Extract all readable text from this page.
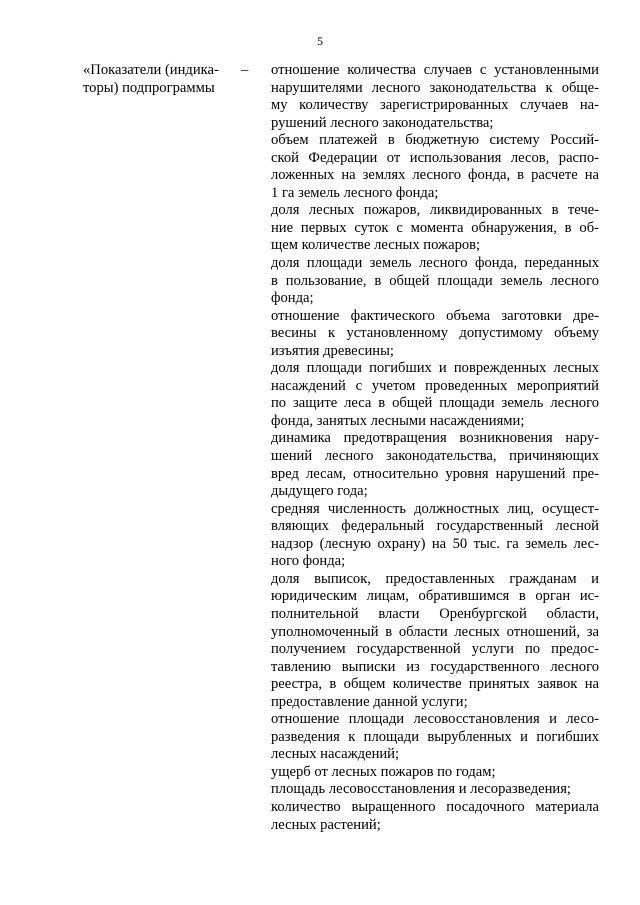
5
«Показатели (индика-
торы) подпрограммы
– отношение количества случаев с установленными
нарушителями лесного законодательства к обще-
му количеству зарегистрированных случаев на-
рушений лесного законодательства;
объем платежей в бюджетную систему Россий-
ской Федерации от использования лесов, распо-
ложенных на землях лесного фонда, в расчете на
1 га земель лесного фонда;
доля лесных пожаров, ликвидированных в тече-
ние первых суток с момента обнаружения, в об-
щем количестве лесных пожаров;
доля площади земель лесного фонда, переданных
в пользование, в общей площади земель лесного
фонда;
отношение фактического объема заготовки дре-
весины к установленному допустимому объему
изъятия древесины;
доля площади погибших и поврежденных лесных
насаждений с учетом проведенных мероприятий
по защите леса в общей площади земель лесного
фонда, занятых лесными насаждениями;
динамика предотвращения возникновения нару-
шений лесного законодательства, причиняющих
вред лесам, относительно уровня нарушений пре-
дыдущего года;
средняя численность должностных лиц, осущест-
вляющих федеральный государственный лесной
надзор (лесную охрану) на 50 тыс. га земель лес-
ного фонда;
доля выписок, предоставленных гражданам и
юридическим лицам, обратившимся в орган ис-
полнительной власти Оренбургской области,
уполномоченный в области лесных отношений, за
получением государственной услуги по предос-
тавлению выписки из государственного лесного
реестра, в общем количестве принятых заявок на
предоставление данной услуги;
отношение площади лесовосстановления и лесо-
разведения к площади вырубленных и погибших
лесных насаждений;
ущерб от лесных пожаров по годам;
площадь лесовосстановления и лесоразведения;
количество выращенного посадочного материала
лесных растений;
